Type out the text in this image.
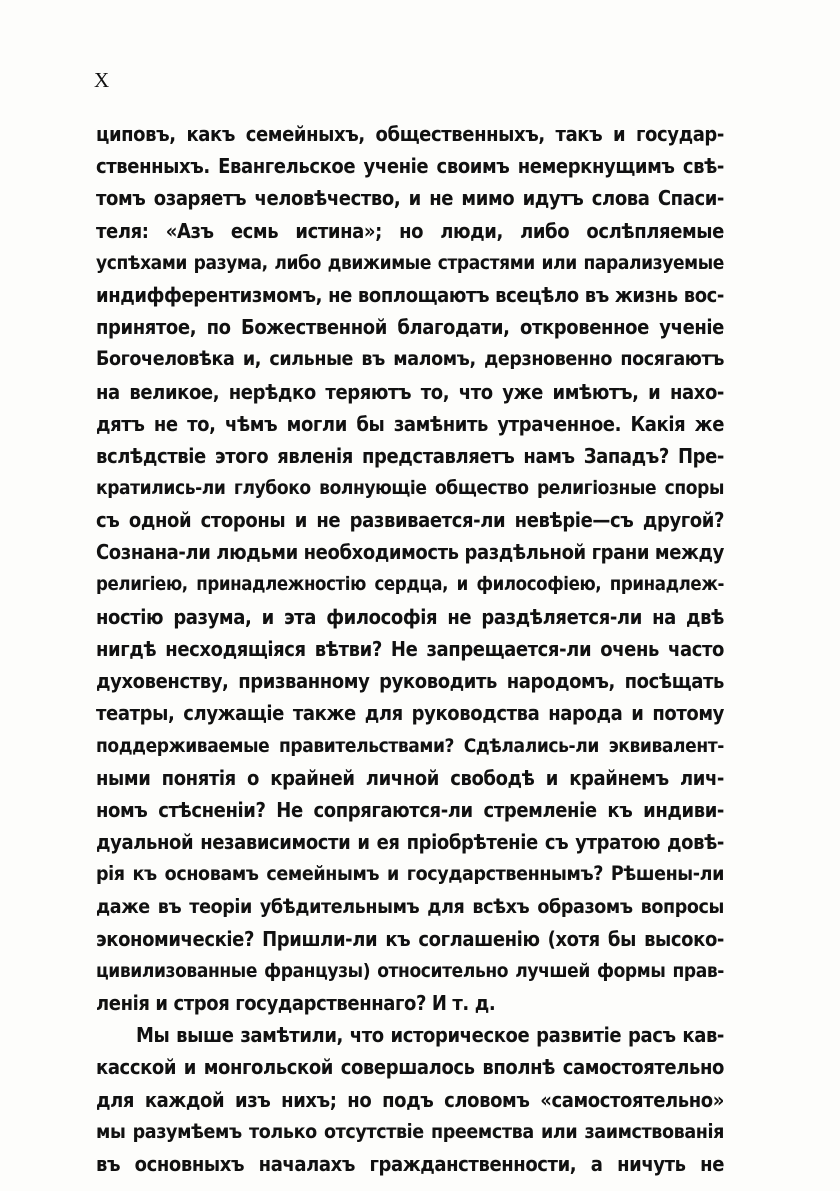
X
циповъ, какъ семейныхъ, общественныхъ, такъ и государ-
ственныхъ. Евангельское ученіе своимъ немеркнущимъ свѣ-
томъ озаряетъ человѣчество, и не мимо идутъ слова Спаси-
теля: «Азъ есмь истина»; но люди, либо ослѣпляемые
успѣхами разума, либо движимые страстями или парализуемые
индифферентизмомъ, не воплощаютъ всецѣло въ жизнь вос-
принятое, по Божественной благодати, откровенное ученіе
Богочеловѣка и, сильные въ маломъ, дерзновенно посягаютъ
на великое, нерѣдко теряютъ то, что уже имѣютъ, и нахо-
дятъ не то, чѣмъ могли бы замѣнить утраченное. Какія же
вслѣдствіе этого явленія представляетъ намъ Западъ? Пре-
кратились-ли глубоко волнующіе общество религіозные споры
съ одной стороны и не развивается-ли невѣріе—съ другой?
Сознана-ли людьми необходимость раздѣльной грани между
религіею, принадлежностію сердца, и философіею, принадлеж-
ностію разума, и эта философія не раздѣляется-ли на двѣ
нигдѣ несходящіяся вѣтви? Не запрещается-ли очень часто
духовенству, призванному руководить народомъ, посѣщать
театры, служащіе также для руководства народа и потому
поддерживаемые правительствами? Сдѣлались-ли эквивалент-
ными понятія о крайней личной свободѣ и крайнемъ лич-
номъ стѣсненіи? Не сопрягаются-ли стремленіе къ индиви-
дуальной независимости и ея пріобрѣтеніе съ утратою довѣ-
рія къ основамъ семейнымъ и государственнымъ? Рѣшены-ли
даже въ теоріи убѣдительнымъ для всѣхъ образомъ вопросы
экономическіе? Пришли-ли къ соглашенію (хотя бы высоко-
цивилизованные французы) относительно лучшей формы прав-
ленія и строя государственнаго? И т. д.
Мы выше замѣтили, что историческое развитіе расъ кав-
касской и монгольской совершалось вполнѣ самостоятельно
для каждой изъ нихъ; но подъ словомъ «самостоятельно»
мы разумѣемъ только отсутствіе преемства или заимствованія
въ основныхъ началахъ гражданственности, а ничуть не
